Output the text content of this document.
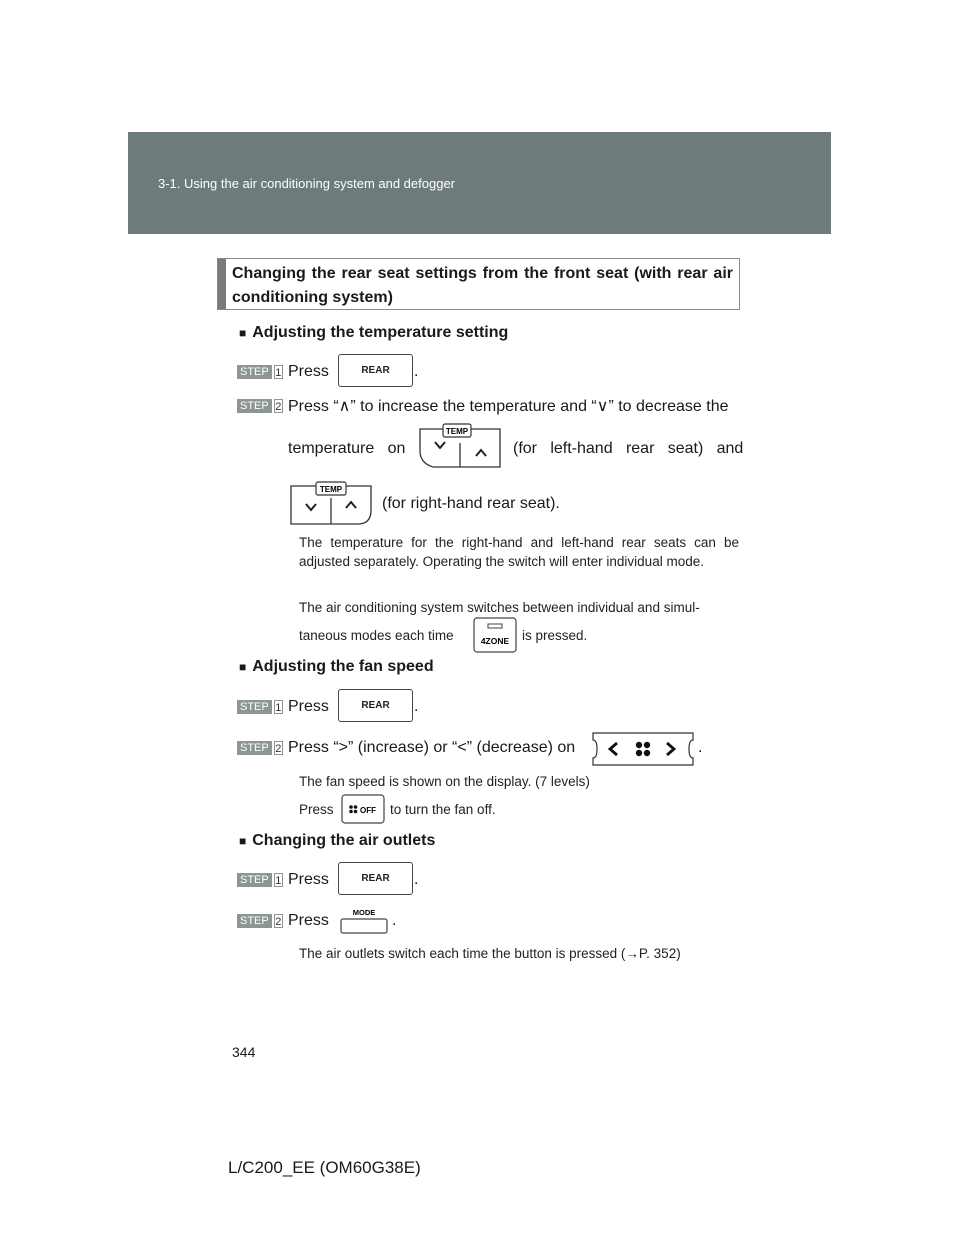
3-1. Using the air conditioning system and defogger
Changing the rear seat settings from the front seat (with rear air conditioning system)
■ Adjusting the temperature setting
STEP 1 Press	REAR	.
STEP 2 Press “∧” to increase the temperature and “∨” to decrease the
temperature   on
TEMP
(for   left-hand   rear   seat)   and
TEMP
(for right-hand rear seat).
The temperature for the right-hand and left-hand rear seats can be adjusted separately. Operating the switch will enter individual mode.
The air conditioning system switches between individual and simul-
taneous modes each time	4ZONE is pressed.
■ Adjusting the fan speed
STEP 1 Press	REAR	.
STEP 2 Press “>” (increase) or “<” (decrease) on	.
The fan speed is shown on the display. (7 levels)
Press	OFF to turn the fan off.
■ Changing the air outlets
STEP 1 Press	REAR	.
STEP 2 Press	MODE .
The air outlets switch each time the button is pressed (→P. 352)
344
L/C200_EE (OM60G38E)
